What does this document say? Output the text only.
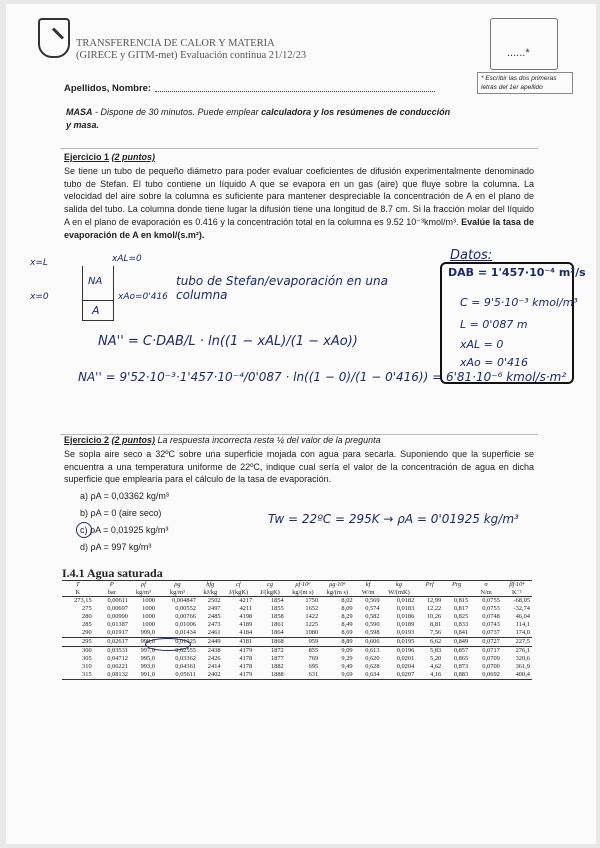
TRANSFERENCIA DE CALOR Y MATERIA
(GIRECE y GITM-met) Evaluación continua 21/12/23	......*
* Escribir las dos primeras letras del 1er apellido
Apellidos, Nombre:
MASA - Dispone de 30 minutos. Puede emplear calculadora y los resúmenes de conducción
y masa.
Ejercicio 1 (2 puntos)
Se tiene un tubo de pequeño diámetro para poder evaluar coeficientes de difusión experimentalmente denominado tubo de Stefan. El tubo contiene un líquido A que se evapora en un gas (aire) que fluye sobre la columna. La velocidad del aire sobre la columna es suficiente para mantener despreciable la concentración de A en el plano de salida del tubo. La columna donde tiene lugar la difusión tiene una longitud de 8.7 cm. Si la fracción molar del líquido A en el plano de evaporación es 0.416 y la concentración total en la columna es 9.52 10⁻³kmol/m³. Evalúe la tasa de evaporación de A en kmol/(s.m²).
x=L
x=0
xAL=0
xAo=0'416
NA
A
tubo de Stefan/evaporación en una columna
NA'' = C·DAB/L · ln((1 − xAL)/(1 − xAo))
NA'' = 9'52·10⁻³·1'457·10⁻⁴/0'087 · ln((1 − 0)/(1 − 0'416)) = 6'81·10⁻⁶ kmol/s·m²
Datos:
DAB = 1'457·10⁻⁴ m²/s
C = 9'5·10⁻³ kmol/m³
L = 0'087 m
xAL = 0
xAo = 0'416
Ejercicio 2 (2 puntos) La respuesta incorrecta resta ¼ del valor de la pregunta
Se sopla aire seco a 32ºC sobre una superficie mojada con agua para secarla. Suponiendo que la superficie se encuentra a una temperatura uniforme de 22ºC, indique cual sería el valor de la concentración de agua en dicha superficie que emplearía para el cálculo de la tasa de evaporación.
a) ρA = 0,03362 kg/m³
b) ρA = 0 (aire seco)
c) ρA = 0,01925 kg/m³
d) ρA = 997 kg/m³
Tw = 22ºC = 295K → ρA = 0'01925 kg/m³
I.4.1 Agua saturada
T	P	ρf	ρg	hfg	cf	cg	μf·10⁶	μg·10⁶	kf	kg	Prf	Prg	σ	βf·10⁴
K	bar	kg/m³	kg/m³	kJ/kg	J/(kgK)	J/(kgK)	kg/(m s)	kg/(m s)	W/m	W/(mK)			N/m	K⁻¹
273,15	0,00611	1000	0,004847	2502	4217	1854	1750	8,02	0,569	0,0182	12,99	0,815	0,0755	-68,05
275	0,00697	1000	0,00552	2497	4211	1855	1652	8,09	0,574	0,0183	12,22	0,817	0,0753	-32,74
280	0,00990	1000	0,00766	2485	4198	1858	1422	8,29	0,582	0,0186	10,26	0,825	0,0748	46,04
285	0,01387	1000	0,01006	2473	4189	1861	1225	8,49	0,590	0,0189	8,81	0,833	0,0743	114,1
290	0,01917	999,0	0,01434	2461	4184	1864	1080	8,69	0,598	0,0193	7,56	0,841	0,0737	174,0
295	0,02617	998,0	0,01925	2449	4181	1868	959	8,89	0,606	0,0195	6,62	0,849	0,0727	227,5
300	0,03531	997,0	0,02555	2438	4179	1872	855	9,09	0,613	0,0196	5,83	0,857	0,0717	276,1
305	0,04712	995,0	0,03362	2426	4178	1877	769	9,29	0,620	0,0201	5,20	0,865	0,0709	320,6
310	0,06221	993,0	0,04361	2414	4178	1882	695	9,49	0,628	0,0204	4,62	0,873	0,0700	361,9
315	0,08132	991,0	0,05611	2402	4179	1888	631	9,69	0,634	0,0207	4,16	0,883	0,0692	400,4
